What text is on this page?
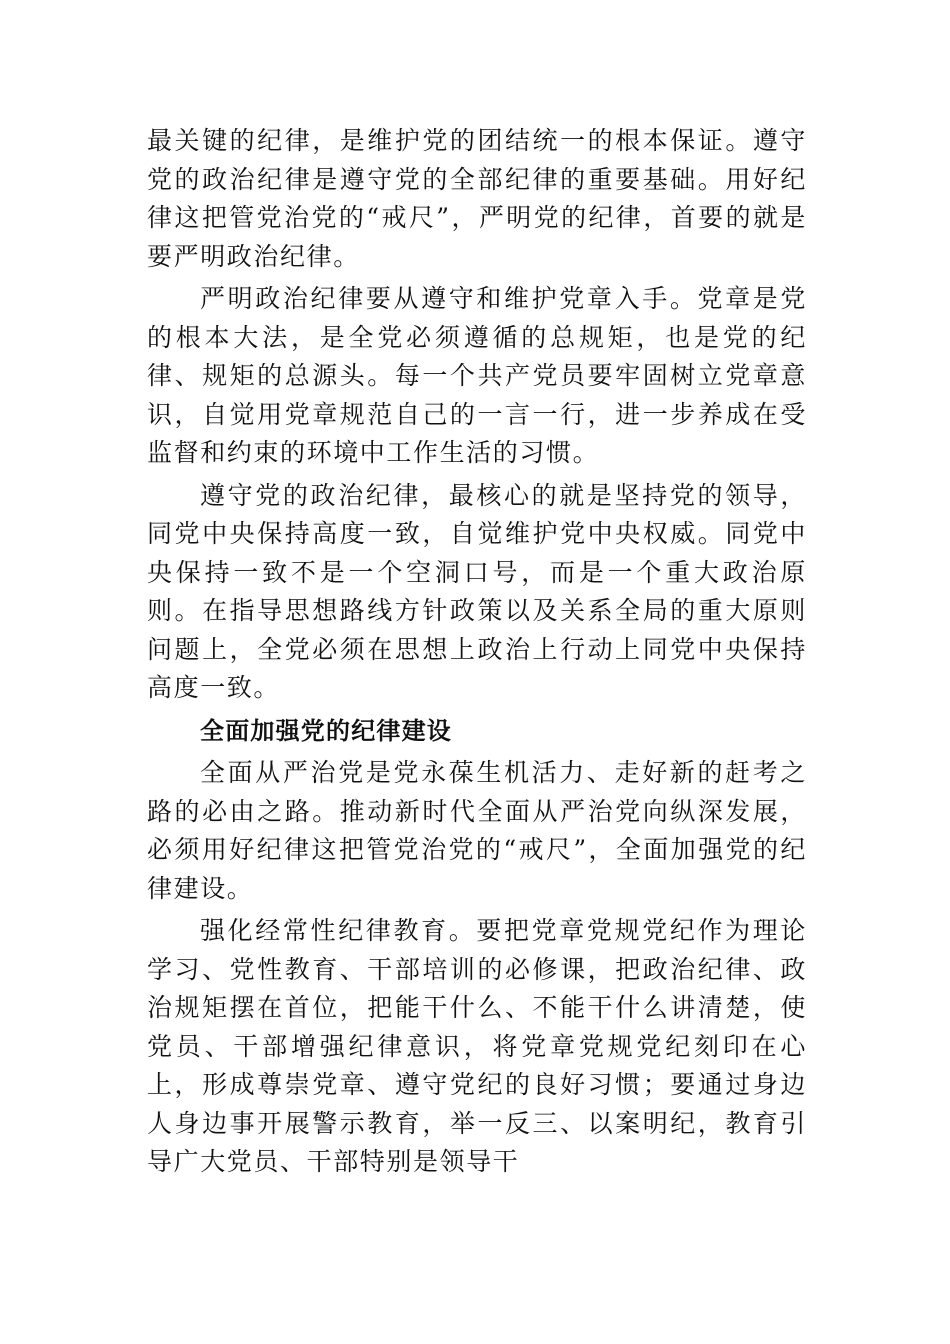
最关键的纪律，是维护党的团结统一的根本保证。遵守党的政治纪律是遵守党的全部纪律的重要基础。用好纪律这把管党治党的“戒尺”，严明党的纪律，首要的就是要严明政治纪律。

严明政治纪律要从遵守和维护党章入手。党章是党的根本大法，是全党必须遵循的总规矩，也是党的纪律、规矩的总源头。每一个共产党员要牢固树立党章意识，自觉用党章规范自己的一言一行，进一步养成在受监督和约束的环境中工作生活的习惯。

遵守党的政治纪律，最核心的就是坚持党的领导，同党中央保持高度一致，自觉维护党中央权威。同党中央保持一致不是一个空洞口号，而是一个重大政治原则。在指导思想路线方针政策以及关系全局的重大原则问题上，全党必须在思想上政治上行动上同党中央保持高度一致。

全面加强党的纪律建设

全面从严治党是党永葆生机活力、走好新的赶考之路的必由之路。推动新时代全面从严治党向纵深发展，必须用好纪律这把管党治党的“戒尺”，全面加强党的纪律建设。

强化经常性纪律教育。要把党章党规党纪作为理论学习、党性教育、干部培训的必修课，把政治纪律、政治规矩摆在首位，把能干什么、不能干什么讲清楚，使党员、干部增强纪律意识，将党章党规党纪刻印在心上，形成尊崇党章、遵守党纪的良好习惯；要通过身边人身边事开展警示教育，举一反三、以案明纪，教育引导广大党员、干部特别是领导干
